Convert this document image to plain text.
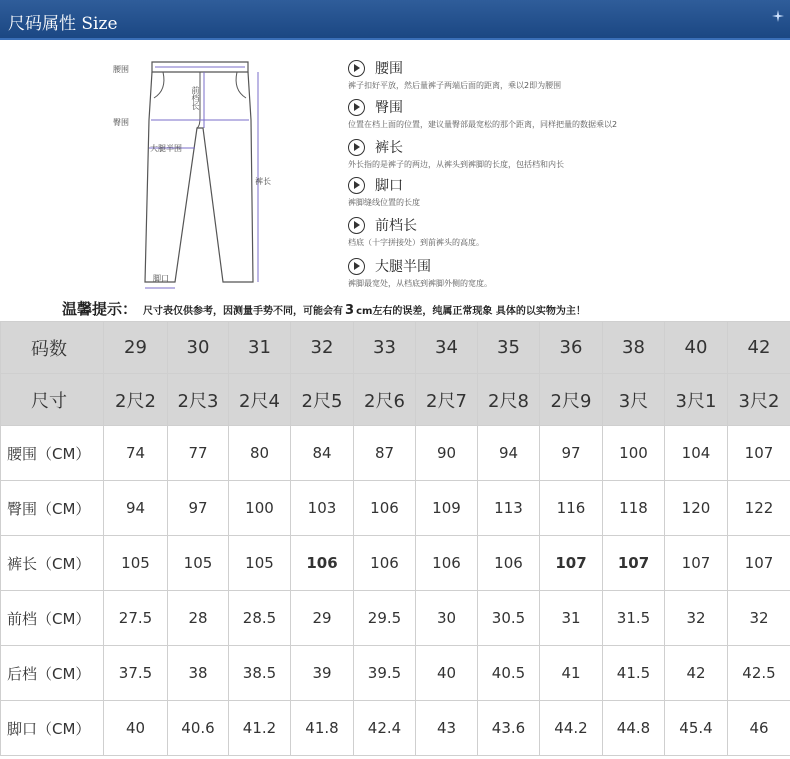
尺码属性 Size
腰围
臀围
大腿半围
前档长
裤长
脚口
腰围
裤子扣好平放，然后量裤子两端后面的距离，乘以2即为腰围
臀围
位置在档上面的位置，建议量臀部最宽松的那个距离，同样把量的数据乘以2
裤长
外长指的是裤子的两边，从裤头到裤脚的长度，包括档和内长
脚口
裤脚缝线位置的长度
前档长
档底（十字拼接处）到前裤头的高度。
大腿半围
裤脚最宽处，从档底到裤脚外侧的宽度。
温馨提示： 尺寸表仅供参考，因测量手势不同，可能会有 3 cm左右的误差，纯属正常现象 具体的以实物为主！
码数	29	30	31	32	33	34	35	36	38	40	42
尺寸	2尺2	2尺3	2尺4	2尺5	2尺6	2尺7	2尺8	2尺9	3尺	3尺1	3尺2
腰围（CM）	74	77	80	84	87	90	94	97	100	104	107
臀围（CM）	94	97	100	103	106	109	113	116	118	120	122
裤长（CM）	105	105	105	106	106	106	106	107	107	107	107
前档（CM）	27.5	28	28.5	29	29.5	30	30.5	31	31.5	32	32
后档（CM）	37.5	38	38.5	39	39.5	40	40.5	41	41.5	42	42.5
脚口（CM）	40	40.6	41.2	41.8	42.4	43	43.6	44.2	44.8	45.4	46
